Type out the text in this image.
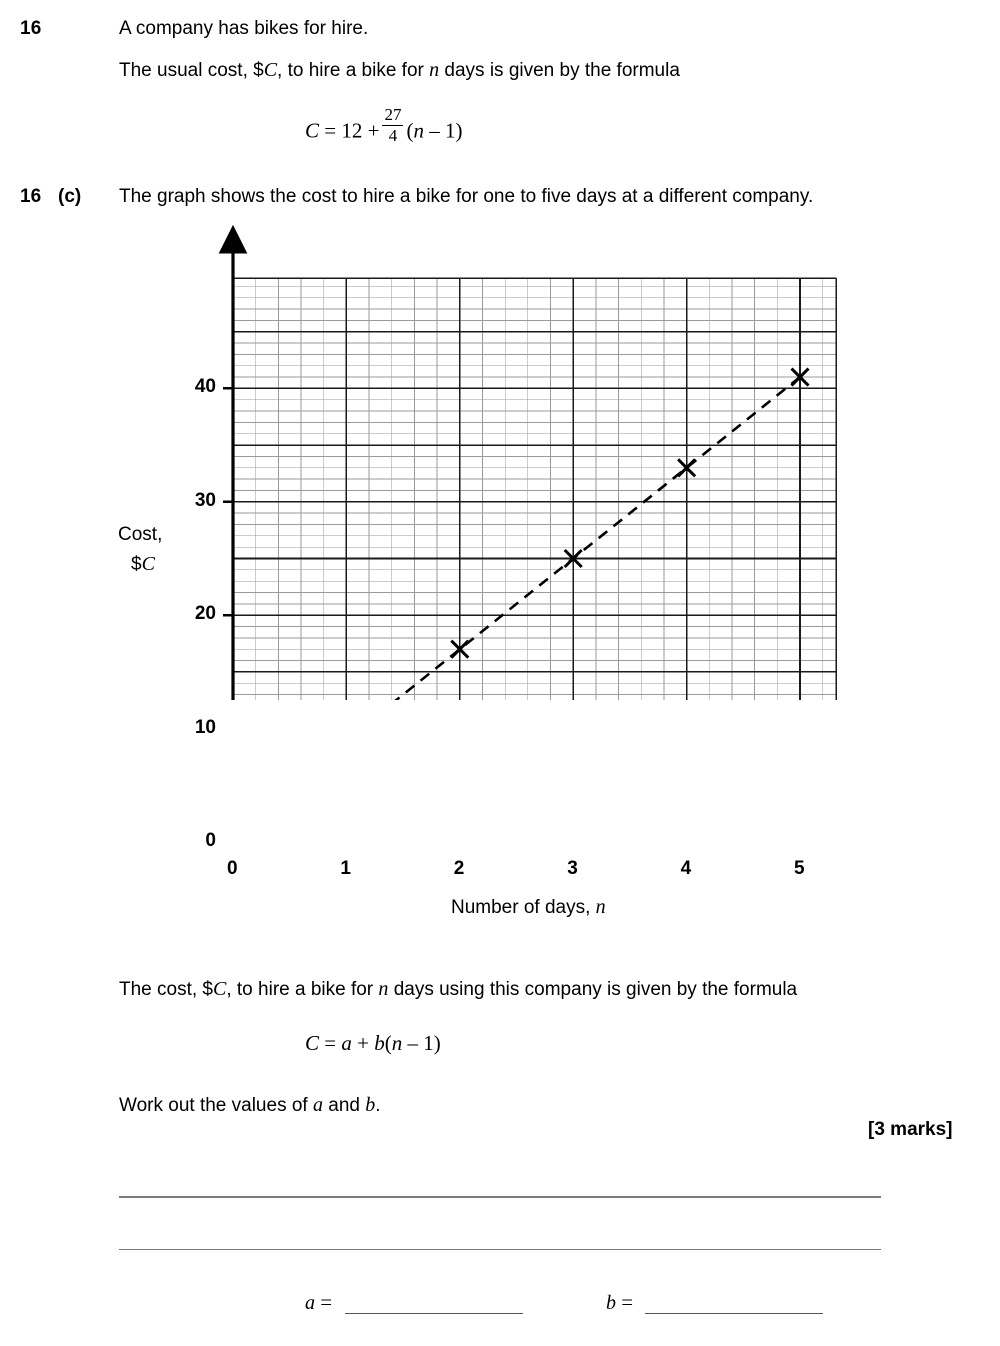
16	A company has bikes for hire.
The usual cost, $C, to hire a bike for n days is given by the formula
$C = 12 + \frac{27}{4} (n - 1)$
16 (c) The graph shows the cost to hire a bike for one to five days at a different company.
Cost,
$C
Number of days, n
0	1	2	3	4	5
0
10
20
30
40
The cost, $C, to hire a bike for n days using this company is given by the formula
C = a + b(n – 1)
Work out the values of a and b.
[3 marks]
a =	b =
